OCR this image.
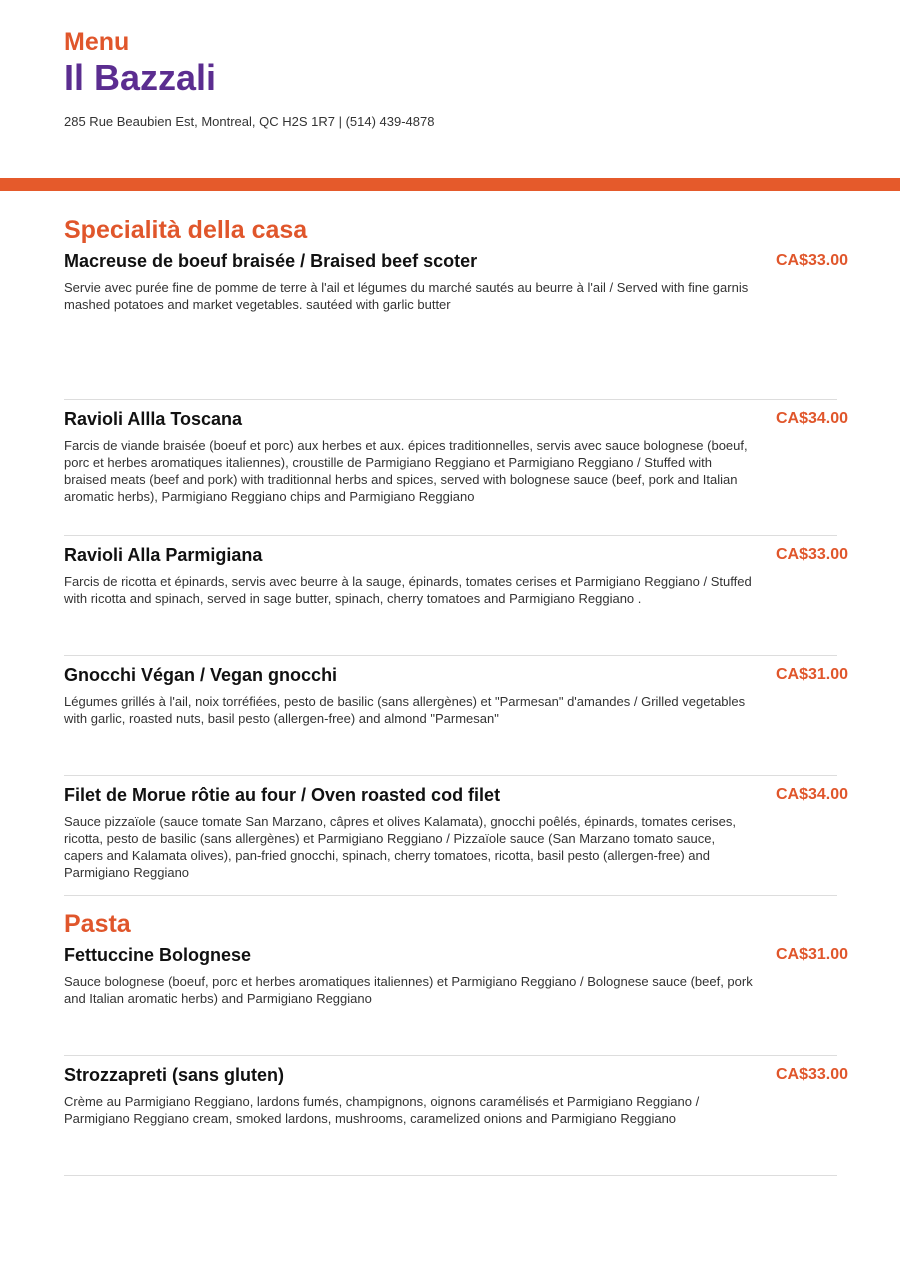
Menu
Il Bazzali
285 Rue Beaubien Est, Montreal, QC H2S 1R7 | (514) 439-4878
Specialità della casa
Macreuse de boeuf braisée / Braised beef scoter	CA$33.00
Servie avec purée fine de pomme de terre à l'ail et légumes du marché sautés au beurre à l'ail / Served with fine garnis mashed potatoes and market vegetables. sautéed with garlic butter
Ravioli Allla Toscana	CA$34.00
Farcis de viande braisée (boeuf et porc) aux herbes et aux. épices traditionnelles, servis avec sauce bolognese (boeuf, porc et herbes aromatiques italiennes), croustille de Parmigiano Reggiano et Parmigiano Reggiano / Stuffed with braised meats (beef and pork) with traditionnal herbs and spices, served with bolognese sauce (beef, pork and Italian aromatic herbs), Parmigiano Reggiano chips and Parmigiano Reggiano
Ravioli Alla Parmigiana	CA$33.00
Farcis de ricotta et épinards, servis avec beurre à la sauge, épinards, tomates cerises et Parmigiano Reggiano / Stuffed with ricotta and spinach, served in sage butter, spinach, cherry tomatoes and Parmigiano Reggiano .
Gnocchi Végan / Vegan gnocchi	CA$31.00
Légumes grillés à l'ail, noix torréfiées, pesto de basilic (sans allergènes) et "Parmesan" d'amandes / Grilled vegetables with garlic, roasted nuts, basil pesto (allergen-free) and almond "Parmesan"
Filet de Morue rôtie au four / Oven roasted cod filet	CA$34.00
Sauce pizzaïole (sauce tomate San Marzano, câpres et olives Kalamata), gnocchi poêlés, épinards, tomates cerises, ricotta, pesto de basilic (sans allergènes) et Parmigiano Reggiano / Pizzaïole sauce (San Marzano tomato sauce, capers and Kalamata olives), pan-fried gnocchi, spinach, cherry tomatoes, ricotta, basil pesto (allergen-free) and Parmigiano Reggiano
Pasta
Fettuccine Bolognese	CA$31.00
Sauce bolognese (boeuf, porc et herbes aromatiques italiennes) et Parmigiano Reggiano / Bolognese sauce (beef, pork and Italian aromatic herbs) and Parmigiano Reggiano
Strozzapreti (sans gluten)	CA$33.00
Crème au Parmigiano Reggiano, lardons fumés, champignons, oignons caramélisés et Parmigiano Reggiano / Parmigiano Reggiano cream, smoked lardons, mushrooms, caramelized onions and Parmigiano Reggiano
